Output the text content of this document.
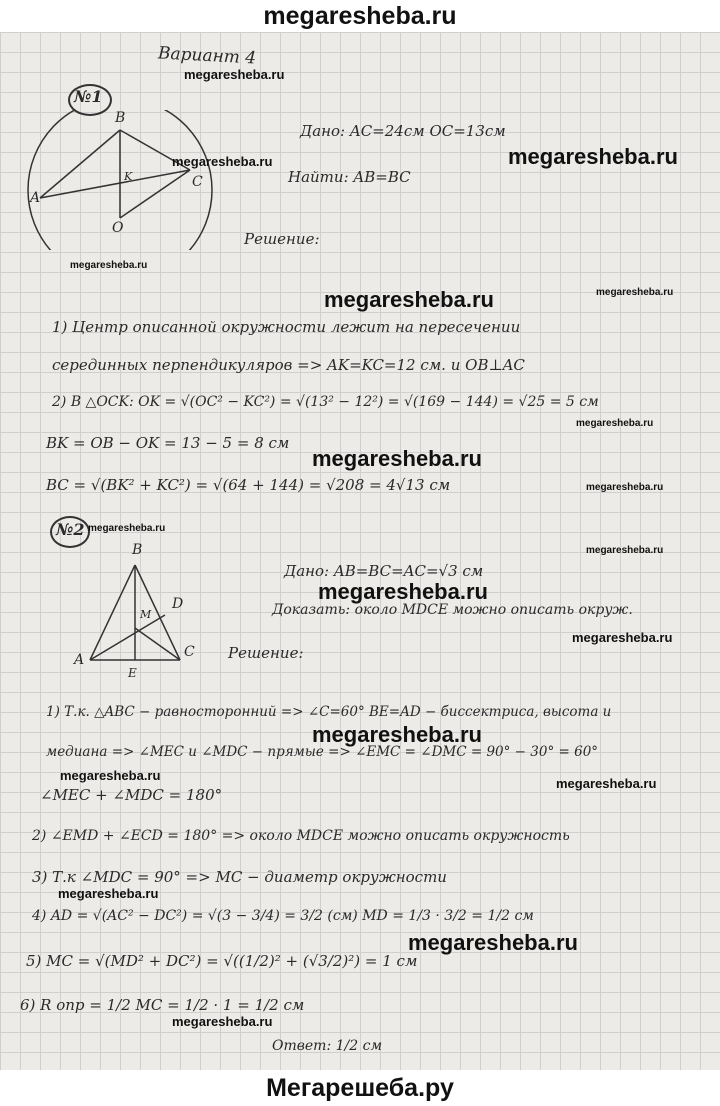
megaresheba.ru
Вариант 4
№1
B
A
C
K
O
Дано: AC=24см OC=13см
Найти: AB=BC
Решение:
1) Центр описанной окружности лежит на пересечении
серединных перпендикуляров => AK=KC=12 см. и OB⊥AC
2) В △OCK: OK = √(OC² − KC²) = √(13² − 12²) = √(169 − 144) = √25 = 5 см
BK = OB − OK = 13 − 5 = 8 см
BC = √(BK² + KC²) = √(64 + 144) = √208 = 4√13 см
№2
B
A	C
D
E
M
Дано: AB=BC=AC=√3 см
Доказать: около MDCE можно описать окруж.
Решение:
1) Т.к. △ABC − равносторонний => ∠C=60° BE=AD − биссектриса, высота и
медиана => ∠MEC и ∠MDC − прямые => ∠EMC = ∠DMC = 90° − 30° = 60°
∠MEC + ∠MDC = 180°
2) ∠EMD + ∠ECD = 180° => около MDCE можно описать окружность
3) Т.к ∠MDC = 90° => MC − диаметр окружности
4) AD = √(AC² − DC²) = √(3 − 3/4) = 3/2 (см) MD = 1/3 · 3/2 = 1/2 см
5) MC = √(MD² + DC²) = √((1/2)² + (√3/2)²) = 1 см
6) R опр = 1/2 MC = 1/2 · 1 = 1/2 см
Ответ: 1/2 см
megaresheba.ru
megaresheba.ru	megaresheba.ru
megaresheba.ru
megaresheba.ru	megaresheba.ru
megaresheba.ru
megaresheba.ru
megaresheba.ru
megaresheba.ru
megaresheba.ru
megaresheba.ru
megaresheba.ru
megaresheba.ru
megaresheba.ru
megaresheba.ru
megaresheba.ru
megaresheba.ru
megaresheba.ru
Мегарешеба.ру
